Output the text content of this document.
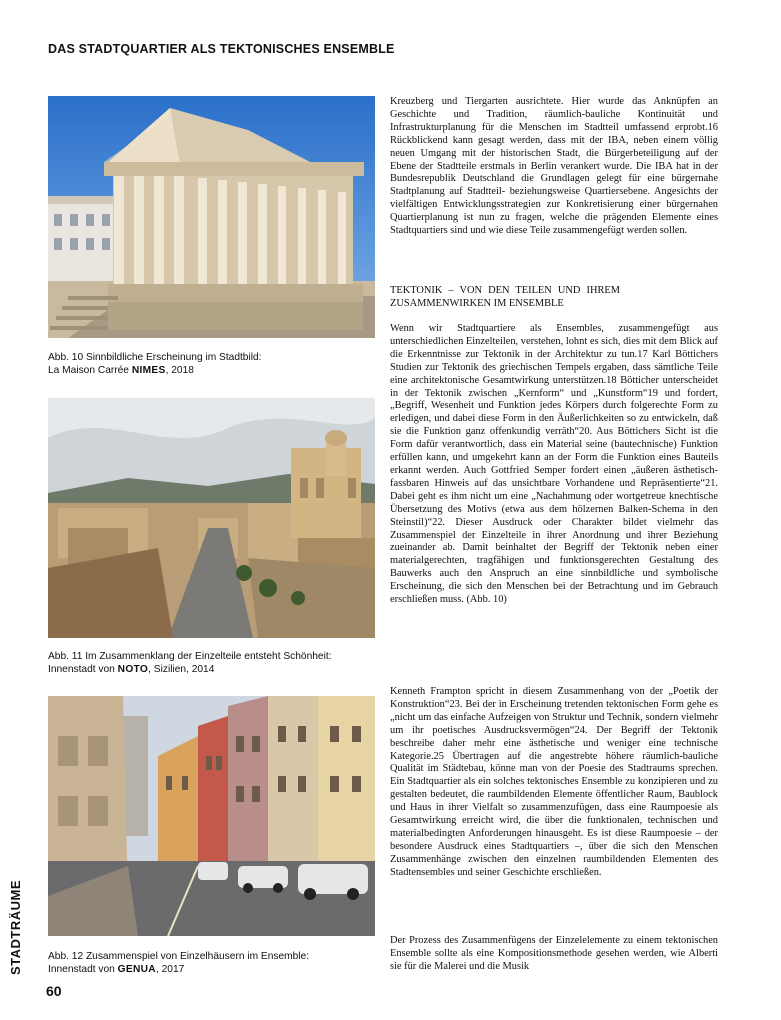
DAS STADTQUARTIER ALS TEKTONISCHES ENSEMBLE
Abb. 10 Sinnbildliche Erscheinung im Stadtbild:
La Maison Carrée NIMES, 2018
Abb. 11 Im Zusammenklang der Einzelteile entsteht Schönheit:
Innenstadt von NOTO, Sizilien, 2014
Abb. 12 Zusammenspiel von Einzelhäusern im Ensemble:
Innenstadt von GENUA, 2017
STADTRÄUME
60

Kreuzberg und Tiergarten ausrichtete. Hier wurde das Anknüpfen an Geschichte und Tradition, räumlich-bauliche Kontinuität und Infrastrukturplanung für die Menschen im Stadtteil umfassend erprobt.16 Rückblickend kann gesagt werden, dass mit der IBA, neben einem völlig neuen Umgang mit der historischen Stadt, die Bürgerbeteiligung auf der Ebene der Stadtteile erstmals in Berlin verankert wurde. Die IBA hat in der Bundesrepublik Deutschland die Grundlagen gelegt für eine bürgernahe Stadtplanung auf Stadtteil- beziehungsweise Quartiersebene. Angesichts der vielfältigen Entwicklungsstrategien zur Konkretisierung einer bürgernahen Quartierplanung ist nun zu fragen, welche die prägenden Elemente eines Stadtquartiers sind und wie diese Teile zusammengefügt werden sollen.

TEKTONIK – VON DEN TEILEN UND IHREM ZUSAMMENWIRKEN IM ENSEMBLE

Wenn wir Stadtquartiere als Ensembles, zusammengefügt aus unterschiedlichen Einzelteilen, verstehen, lohnt es sich, dies mit dem Blick auf die Erkenntnisse zur Tektonik in der Architektur zu tun.17 Karl Böttichers Studien zur Tektonik des griechischen Tempels ergaben, dass sämtliche Teile eine architektonische Gesamtwirkung unterstützen.18 Bötticher unterscheidet in der Tektonik zwischen „Kernform“ und „Kunstform“19 und fordert, „Begriff, Wesenheit und Funktion jedes Körpers durch folgerechte Form zu erledigen, und dabei diese Form in den Äußerlichkeiten so zu entwickeln, daß sie die Funktion ganz offenkundig verräth“20. Aus Böttichers Sicht ist die Form dafür verantwortlich, dass ein Material seine (bautechnische) Funktion erfüllen kann, und umgekehrt kann an der Form die Funktion eines Bauteils erkannt werden. Auch Gottfried Semper fordert einen „äußeren ästhetisch-fassbaren Hinweis auf das unsichtbare Vorhandene und Repräsentierte“21. Dabei geht es ihm nicht um eine „Nachahmung oder wortgetreue knechtische Übersetzung des Motivs (etwa aus dem hölzernen Balken-Schema in den Steinstil)“22. Dieser Ausdruck oder Charakter bildet vielmehr das Zusammenspiel der Einzelteile in ihrer Anordnung und ihrer Beziehung zueinander ab. Damit beinhaltet der Begriff der Tektonik neben einer materialgerechten, tragfähigen und funktionsgerechten Gestaltung des Bauwerks auch den Anspruch an eine sinnbildliche und symbolische Erscheinung, die sich den Menschen bei der Betrachtung und im Gebrauch erschließen muss. (Abb. 10)

Kenneth Frampton spricht in diesem Zusammenhang von der „Poetik der Konstruktion“23. Bei der in Erscheinung tretenden tektonischen Form gehe es „nicht um das einfache Aufzeigen von Struktur und Technik, sondern vielmehr um ihr poetisches Ausdrucksvermögen“24. Der Begriff der Tektonik beschreibe daher mehr eine ästhetische und weniger eine technische Kategorie.25 Übertragen auf die angestrebte höhere räumlich-bauliche Qualität im Städtebau, könne man von der Poesie des Stadtraums sprechen. Ein Stadtquartier als ein solches tektonisches Ensemble zu konzipieren und zu gestalten bedeutet, die raumbildenden Elemente öffentlicher Raum, Baublock und Haus in ihrer Vielfalt so zusammenzufügen, dass eine Raumpoesie als Gesamtwirkung erreicht wird, die über die funktionalen, technischen und materialbedingten Anforderungen hinausgeht. Es ist diese Raumpoesie – der besondere Ausdruck eines Stadtquartiers –, über die sich den Menschen Zusammenhänge zwischen den einzelnen raumbildenden Elementen des Stadtensembles und seiner Geschichte erschließen.

Der Prozess des Zusammenfügens der Einzelelemente zu einem tektonischen Ensemble sollte als eine Kompositionsmethode gesehen werden, wie Alberti sie für die Malerei und die Musik
